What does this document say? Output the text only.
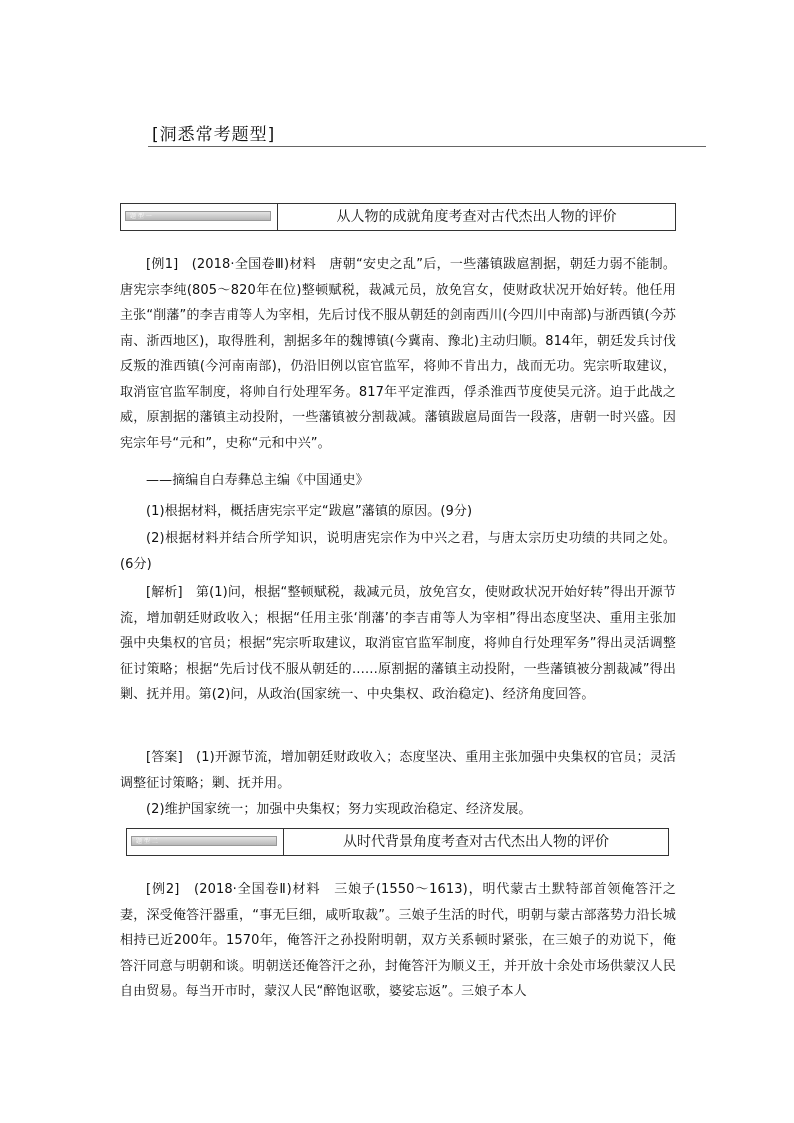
[洞悉常考题型]
题 型 一	从人物的成就角度考查对古代杰出人物的评价
[例1]　(2018·全国卷Ⅲ)材料　唐朝“安史之乱”后，一些藩镇跋扈割据，朝廷力弱不能制。唐宪宗李纯(805～820年在位)整顿赋税，裁减元员，放免宫女，使财政状况开始好转。他任用主张“削藩”的李吉甫等人为宰相，先后讨伐不服从朝廷的剑南西川(今四川中南部)与浙西镇(今苏南、浙西地区)，取得胜利，割据多年的魏博镇(今冀南、豫北)主动归顺。814年，朝廷发兵讨伐反叛的淮西镇(今河南南部)，仍沿旧例以宦官监军，将帅不肯出力，战而无功。宪宗听取建议，取消宦官监军制度，将帅自行处理军务。817年平定淮西，俘杀淮西节度使吴元济。迫于此战之威，原割据的藩镇主动投附，一些藩镇被分割裁减。藩镇跋扈局面告一段落，唐朝一时兴盛。因宪宗年号“元和”，史称“元和中兴”。
——摘编自白寿彝总主编《中国通史》
(1)根据材料，概括唐宪宗平定“跋扈”藩镇的原因。(9分)
(2)根据材料并结合所学知识，说明唐宪宗作为中兴之君，与唐太宗历史功绩的共同之处。(6分)
[解析]　第(1)问，根据“整顿赋税，裁减元员，放免宫女，使财政状况开始好转”得出开源节流，增加朝廷财政收入；根据“任用主张‘削藩’的李吉甫等人为宰相”得出态度坚决、重用主张加强中央集权的官员；根据“宪宗听取建议，取消宦官监军制度，将帅自行处理军务”得出灵活调整征讨策略；根据“先后讨伐不服从朝廷的……原割据的藩镇主动投附，一些藩镇被分割裁减”得出剿、抚并用。第(2)问，从政治(国家统一、中央集权、政治稳定)、经济角度回答。
[答案]　(1)开源节流，增加朝廷财政收入；态度坚决、重用主张加强中央集权的官员；灵活调整征讨策略；剿、抚并用。
(2)维护国家统一；加强中央集权；努力实现政治稳定、经济发展。
题 型 二	从时代背景角度考查对古代杰出人物的评价
[例2]　(2018·全国卷Ⅱ)材料　三娘子(1550～1613)，明代蒙古土默特部首领俺答汗之妻，深受俺答汗器重，“事无巨细，咸听取裁”。三娘子生活的时代，明朝与蒙古部落势力沿长城相持已近200年。1570年，俺答汗之孙投附明朝，双方关系顿时紧张，在三娘子的劝说下，俺答汗同意与明朝和谈。明朝送还俺答汗之孙，封俺答汗为顺义王，并开放十余处市场供蒙汉人民自由贸易。每当开市时，蒙汉人民“醉饱讴歌，婆娑忘返”。三娘子本人
